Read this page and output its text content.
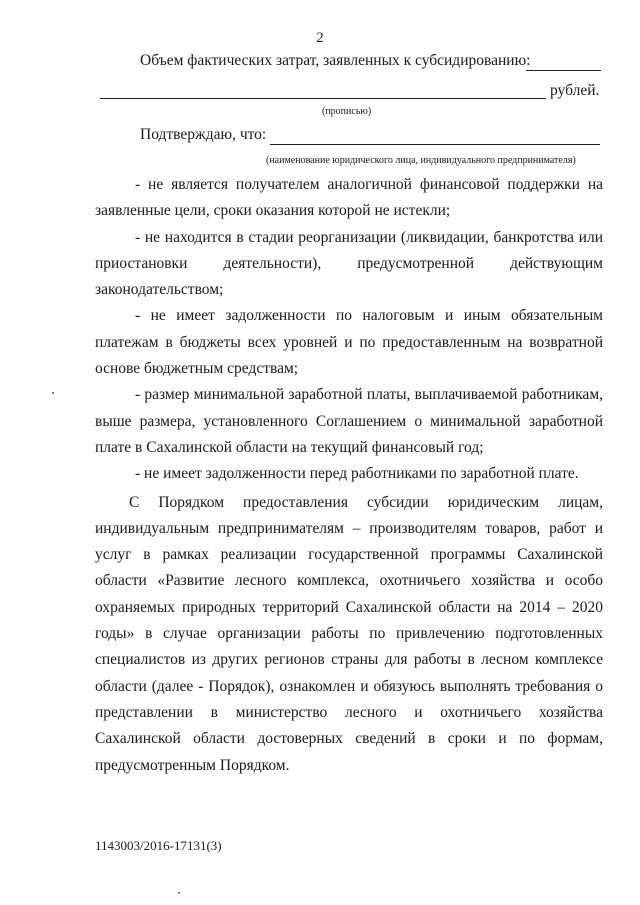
2
Объем фактических затрат, заявленных к субсидированию:
рублей.
(прописью)
Подтверждаю, что:
(наименование юридического лица, индивидуального предпринимателя)

- не является получателем аналогичной финансовой поддержки на заявленные цели, сроки оказания которой не истекли;

- не находится в стадии реорганизации (ликвидации, банкротства или приостановки деятельности), предусмотренной действующим законодательством;

- не имеет задолженности по налоговым и иным обязательным платежам в бюджеты всех уровней и по предоставленным на возвратной основе бюджетным средствам;

- размер минимальной заработной платы, выплачиваемой работникам, выше размера, установленного Соглашением о минимальной заработной плате в Сахалинской области на текущий финансовый год;

- не имеет задолженности перед работниками по заработной плате.

С Порядком предоставления субсидии юридическим лицам, индивидуальным предпринимателям – производителям товаров, работ и услуг в рамках реализации государственной программы Сахалинской области «Развитие лесного комплекса, охотничьего хозяйства и особо охраняемых природных территорий Сахалинской области на 2014 – 2020 годы» в случае организации работы по привлечению подготовленных специалистов из других регионов страны для работы в лесном комплексе области (далее - Порядок), ознакомлен и обязуюсь выполнять требования о представлении в министерство лесного и охотничьего хозяйства Сахалинской области достоверных сведений в сроки и по формам, предусмотренным Порядком.

1143003/2016-17131(3)
